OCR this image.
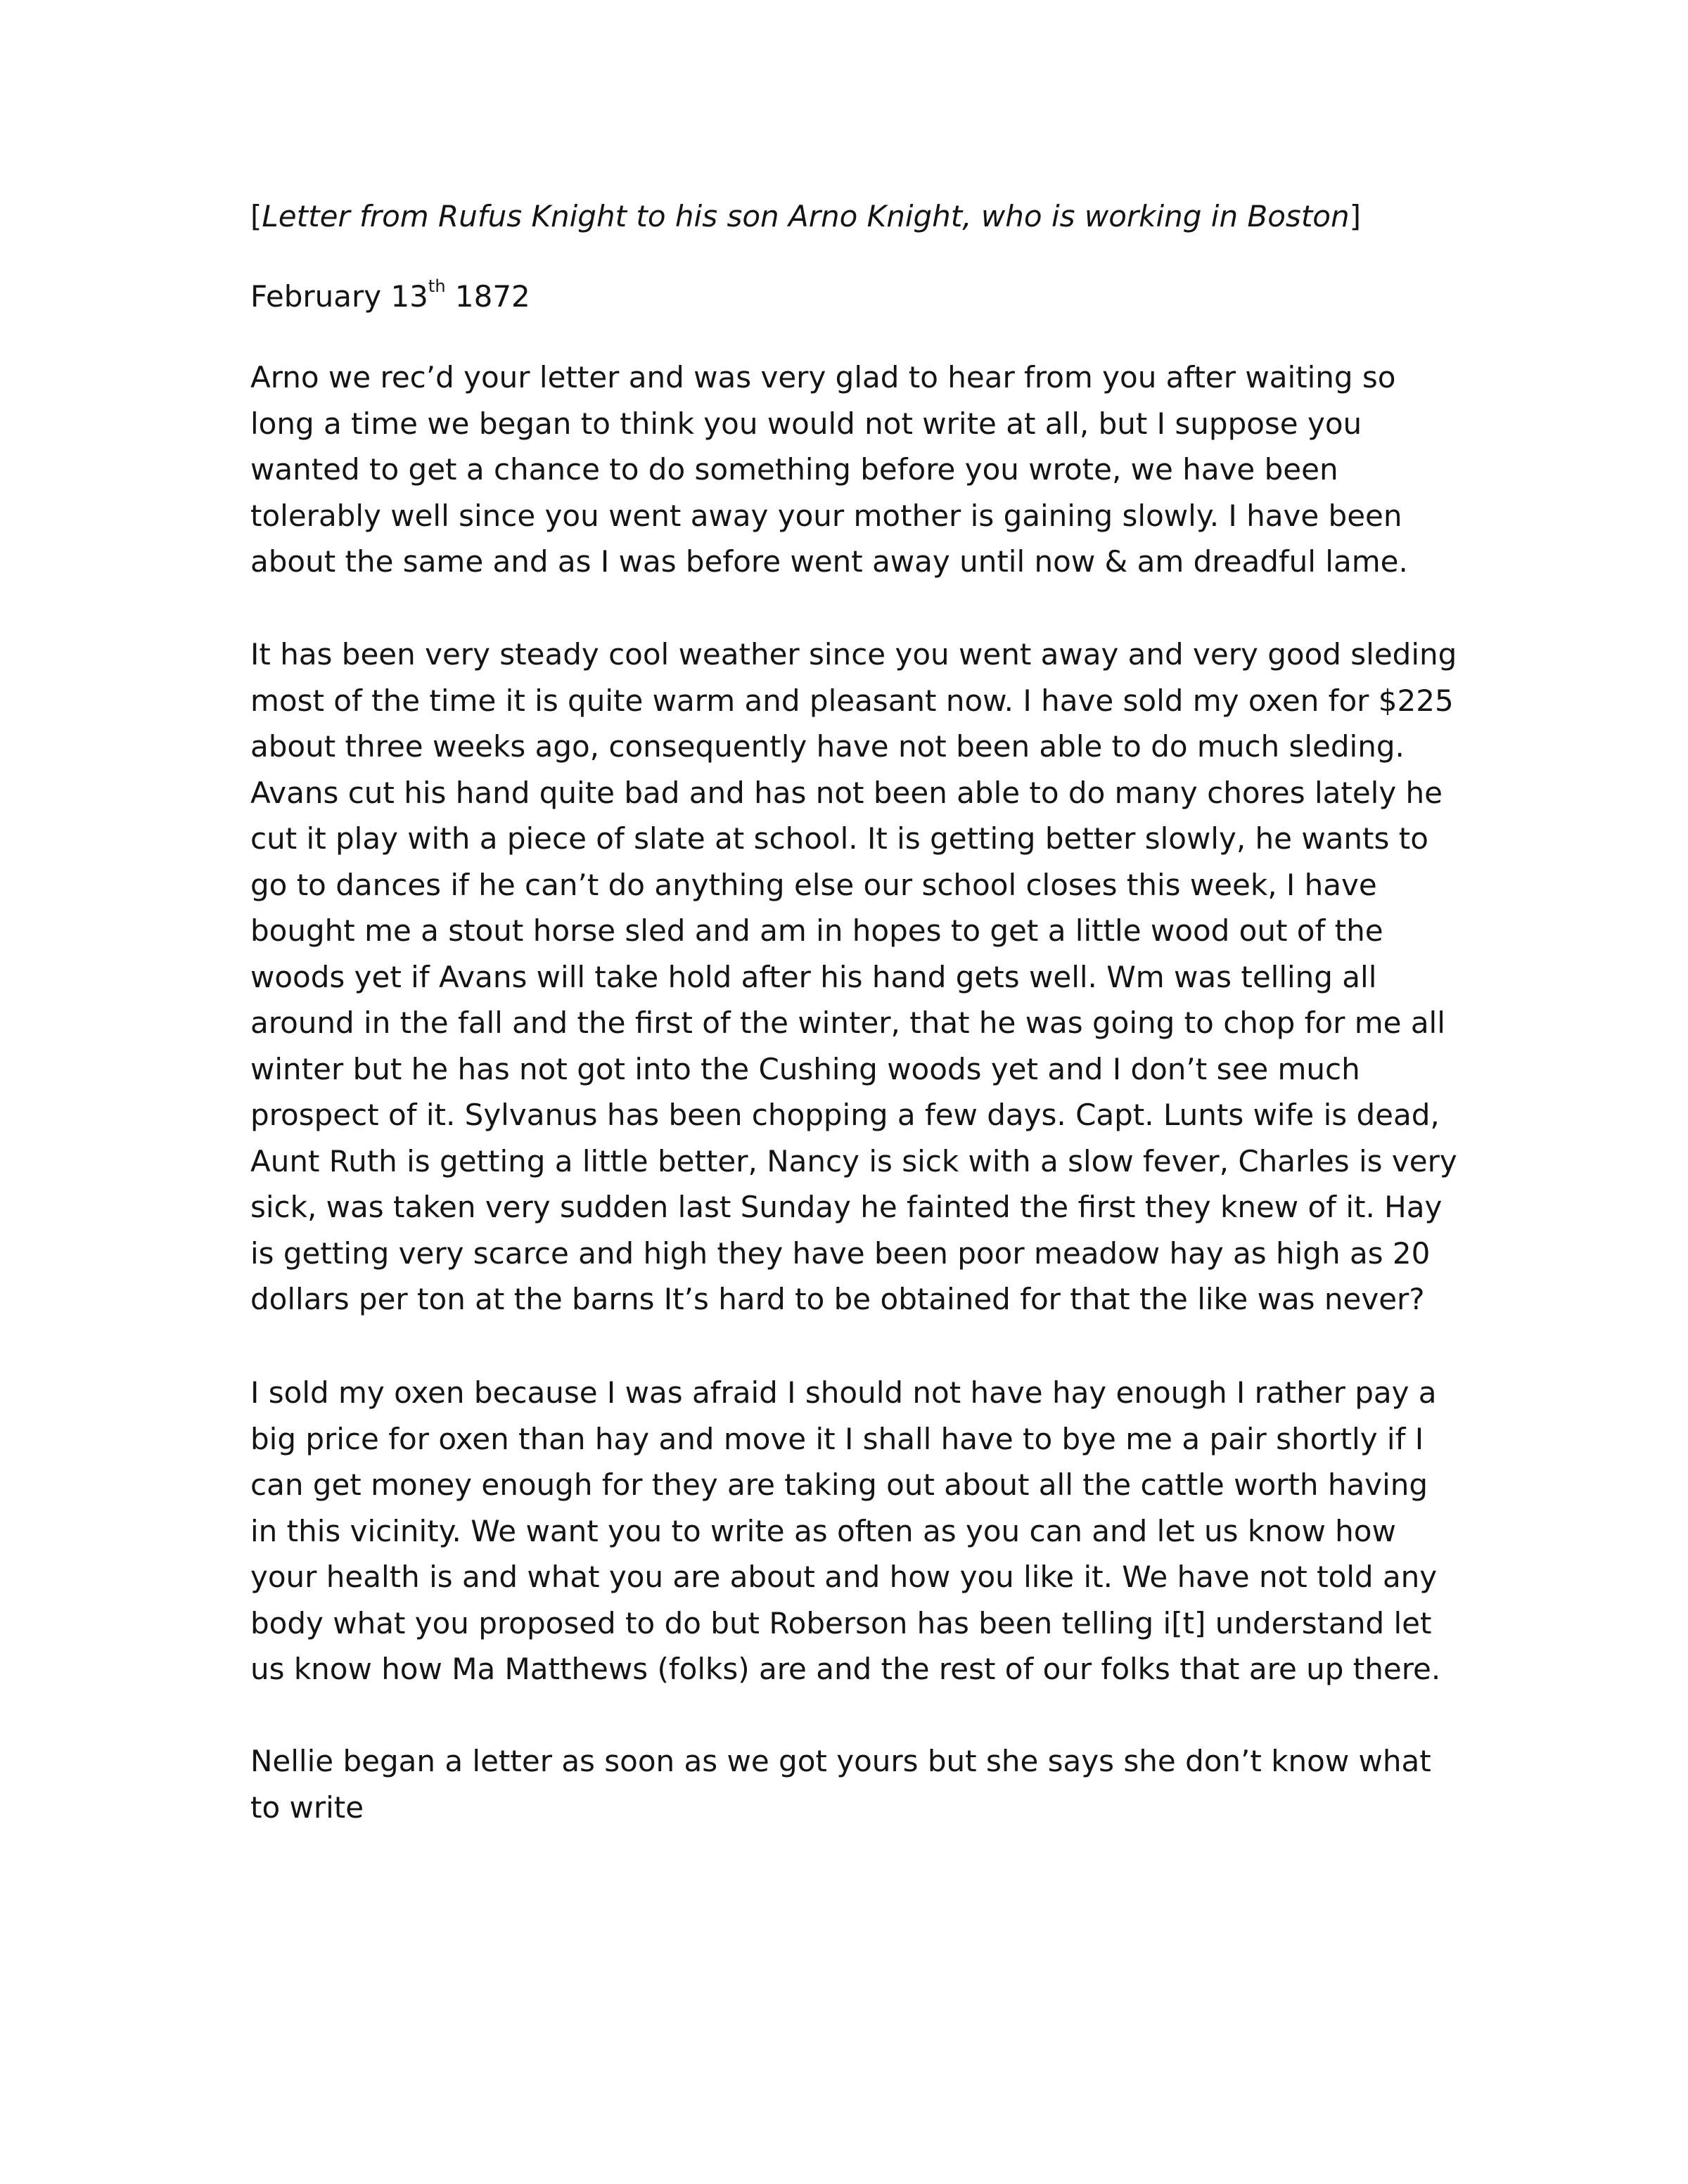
[Letter from Rufus Knight to his son Arno Knight, who is working in Boston]

February 13th 1872

Arno we rec’d your letter and was very glad to hear from you after waiting so long a time we began to think you would not write at all, but I suppose you wanted to get a chance to do something before you wrote, we have been tolerably well since you went away your mother is gaining slowly. I have been about the same and as I was before went away until now & am dreadful lame.

It has been very steady cool weather since you went away and very good sleding most of the time it is quite warm and pleasant now. I have sold my oxen for $225 about three weeks ago, consequently have not been able to do much sleding. Avans cut his hand quite bad and has not been able to do many chores lately he cut it play with a piece of slate at school. It is getting better slowly, he wants to go to dances if he can’t do anything else our school closes this week, I have bought me a stout horse sled and am in hopes to get a little wood out of the woods yet if Avans will take hold after his hand gets well. Wm was telling all around in the fall and the first of the winter, that he was going to chop for me all winter but he has not got into the Cushing woods yet and I don’t see much prospect of it. Sylvanus has been chopping a few days. Capt. Lunts wife is dead, Aunt Ruth is getting a little better, Nancy is sick with a slow fever, Charles is very sick, was taken very sudden last Sunday he fainted the first they knew of it. Hay is getting very scarce and high they have been poor meadow hay as high as 20 dollars per ton at the barns It’s hard to be obtained for that the like was never?

I sold my oxen because I was afraid I should not have hay enough I rather pay a big price for oxen than hay and move it I shall have to bye me a pair shortly if I can get money enough for they are taking out about all the cattle worth having in this vicinity. We want you to write as often as you can and let us know how your health is and what you are about and how you like it. We have not told any body what you proposed to do but Roberson has been telling i[t] understand let us know how Ma Matthews (folks) are and the rest of our folks that are up there.

Nellie began a letter as soon as we got yours but she says she don’t know what to write
